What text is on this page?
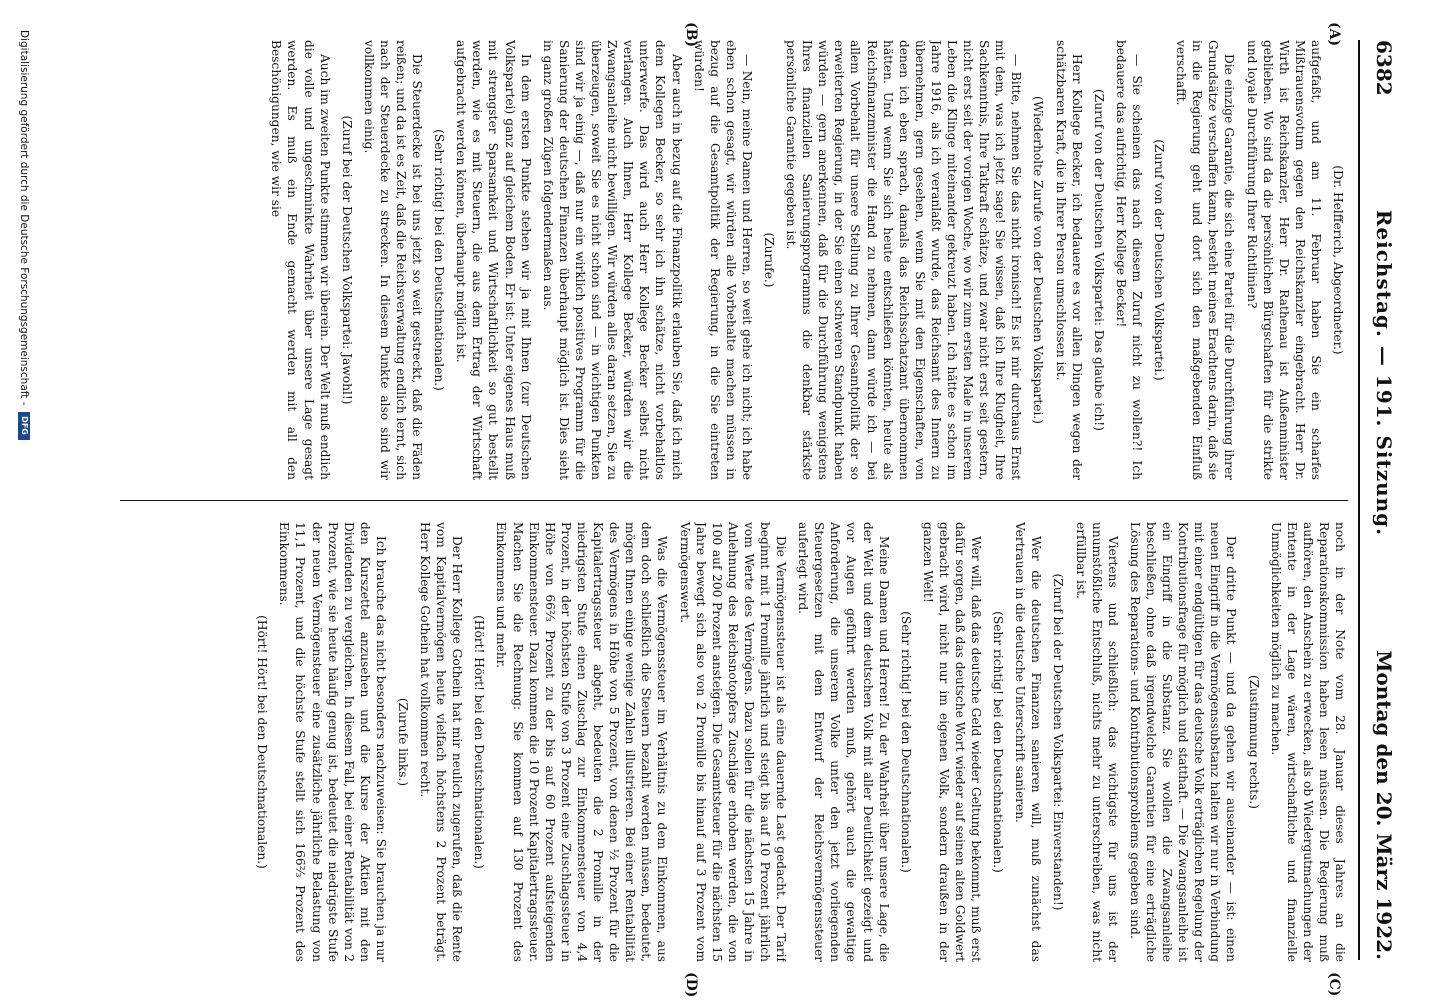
6382
Reichstag. — 191. Sitzung.
Montag den 20. März 1922.
(A)
(B)
(C)
(D)

(Dr. Helfferich, Abgeordneter.)

aufgefaßt, und am 11. Februar haben Sie ein scharfes Mißtrauensvotum gegen den Reichskanzler eingebracht. Herr Dr. Wirth ist Reichskanzler, Herr Dr. Rathenau ist Außenminister geblieben. Wo sind da die persönlichen Bürgschaften für die strikte und loyale Durchführung Ihrer Richtlinien?

Die einzige Garantie, die sich eine Partei für die Durchführung ihrer Grundsätze verschaffen kann, besteht meines Erachtens darin, daß sie in die Regierung geht und dort sich den maßgebenden Einfluß verschafft.

(Zuruf von der Deutschen Volkspartei.)

— Sie scheinen das nach diesem Zuruf nicht zu wollen?! Ich bedauere das aufrichtig, Herr Kollege Becker!

(Zuruf von der Deutschen Volkspartei: Das glaube ich!)

Herr Kollege Becker, ich bedauere es vor allen Dingen wegen der schätzbaren Kraft, die in Ihrer Person umschlossen ist.

(Wiederholte Zurufe von der Deutschen Volkspartei.)

— Bitte, nehmen Sie das nicht ironisch! Es ist mir durchaus Ernst mit dem, was ich jetzt sage! Sie wissen, daß ich Ihre Klugheit, Ihre Sachkenntnis, Ihre Tatkraft schätze, und zwar nicht erst seit gestern, nicht erst seit der vorigen Woche, wo wir zum ersten Male in unserem Leben die Klinge miteinander gekreuzt haben. Ich hätte es schon im Jahre 1916, als ich veranlaßt wurde, das Reichsamt des Innern zu übernehmen, gern gesehen, wenn Sie mit den Eigenschaften, von denen ich eben sprach, damals das Reichsschatzamt übernommen hätten. Und wenn Sie sich heute entschließen könnten, heute als Reichsfinanzminister die Hand zu nehmen, dann würde ich — bei allem Vorbehalt für unsere Stellung zu Ihrer Gesamtpolitik der so erweiterten Regierung, in der Sie einen schweren Standpunkt haben würden — gern anerkennen, daß für die Durchführung wenigstens Ihres finanziellen Sanierungsprogramms die denkbar stärkste persönliche Garantie gegeben ist.

(Zurufe.)

— Nein, meine Damen und Herren, so weit gehe ich nicht; ich habe eben schon gesagt, wir würden alle Vorbehalte machen müssen in bezug auf die Gesamtpolitik der Regierung, in die Sie eintreten würden!

Aber auch in bezug auf die Finanzpolitik erlauben Sie, daß ich mich dem Kollegen Becker, so sehr ich ihn schätze, nicht vorbehaltlos unterwerfe. Das wird auch Herr Kollege Becker selbst nicht verlangen. Auch Ihnen, Herr Kollege Becker, würden wir die Zwangsanleihe nicht bewilligen. Wir würden alles daran setzen, Sie zu überzeugen, soweit Sie es nicht schon sind — in wichtigen Punkten sind wir ja einig —, daß nur ein wirklich positives Programm für die Sanierung der deutschen Finanzen überhaupt möglich ist. Dies sieht in ganz großen Zügen folgendermaßen aus.

In dem ersten Punkte stehen wir ja mit Ihnen (zur Deutschen Volkspartei) ganz auf gleichem Boden. Er ist: Unter eigenes Haus muß mit strengster Sparsamkeit und Wirtschaftlichkeit so gut bestellt werden, wie es mit Steuern, die aus dem Ertrag der Wirtschaft aufgebracht werden können, überhaupt möglich ist.

(Sehr richtig! bei den Deutschnationalen.)

Die Steuerdecke ist bei uns jetzt so weit gestreckt, daß die Fäden reißen; und da ist es Zeit, daß die Reichsverwaltung endlich lernt, sich nach der Steuerdecke zu strecken. In diesem Punkte also sind wir vollkommen einig.

(Zuruf bei der Deutschen Volkspartei: Jawohl!)

Auch im zweiten Punkte stimmen wir überein. Der Welt muß endlich die volle und ungeschminkte Wahrheit über unsere Lage gesagt werden. Es muß ein Ende gemacht werden mit all den Beschönigungen, wie wir sie

noch in der Note vom 28. Januar dieses Jahres an die Reparationskommission haben lesen müssen. Die Regierung muß aufhören, den Anschein zu erwecken, als ob Wiedergutmachungen der Entente in der Lage wären, wirtschaftliche und finanzielle Unmöglichkeiten möglich zu machen.

(Zustimmung rechts.)

Der dritte Punkt — und da gehen wir auseinander — ist: einen neuen Eingriff in die Vermögenssubstanz halten wir nur in Verbindung mit einer endgültigen für das deutsche Volk erträglichen Regelung der Kontributionsfrage für möglich und statthaft. — Die Zwangsanleihe ist ein Eingriff in die Substanz. Sie wollen die Zwangsanleihe beschließen, ohne daß irgendwelche Garantien für eine erträgliche Lösung des Reparations- und Kontributionsproblems gegeben sind.

Viertens und schließlich: das wichtigste für uns ist der unumstößliche Entschluß, nichts mehr zu unterschreiben, was nicht erfüllbar ist.

(Zuruf bei der Deutschen Volkspartei: Einverstanden!)

Wer die deutschen Finanzen sanieren will, muß zunächst das Vertrauen in die deutsche Unterschrift sanieren.

(Sehr richtig! bei den Deutschnationalen.)

Wer will, daß das deutsche Geld wieder Geltung bekommt, muß erst dafür sorgen, daß das deutsche Wort wieder auf seinen alten Goldwert gebracht wird, nicht nur im eigenen Volk, sondern draußen in der ganzen Welt!

(Sehr richtig! bei den Deutschnationalen.)

Meine Damen und Herren! Zu der Wahrheit über unsere Lage, die der Welt und dem deutschen Volk mit aller Deutlichkeit gezeigt und vor Augen geführt werden muß, gehört auch die gewaltige Anforderung, die unserem Volke unter den jetzt vorliegenden Steuergesetzen mit dem Entwurf der Reichsvermögenssteuer auferlegt wird.

Die Vermögenssteuer ist als eine dauernde Last gedacht. Der Tarif beginnt mit 1 Promille jährlich und steigt bis auf 10 Prozent jährlich vom Werte des Vermögens. Dazu sollen für die nächsten 15 Jahre in Anlehnung des Reichsnotopfers Zuschläge erhoben werden, die von 100 auf 200 Prozent ansteigen. Die Gesamtsteuer für die nächsten 15 Jahre bewegt sich also von 2 Promille bis hinauf auf 3 Prozent vom Vermögenswert.

Was die Vermögenssteuer im Verhältnis zu dem Einkommen, aus dem doch schließlich die Steuern bezahlt werden müssen, bedeutet, mögen Ihnen einige wenige Zahlen illustrieren. Bei einer Rentabilität des Vermögens in Höhe von 5 Prozent, von denen ½ Prozent für die Kapitalertragssteuer abgeht, bedeuten die 2 Promille in der niedrigsten Stufe einen Zuschlag zur Einkommensteuer von 4,4 Prozent, in der höchsten Stufe von 3 Prozent eine Zuschlagssteuer in Höhe von 66⅔ Prozent zu der bis auf 60 Prozent aufsteigenden Einkommensteuer. Dazu kommen die 10 Prozent Kapitalertragssteuer. Machen Sie die Rechnung: Sie kommen auf 130 Prozent des Einkommens und mehr.

(Hört! Hört! bei den Deutschnationalen.)

Der Herr Kollege Gothein hat mir neulich zugerufen, daß die Rente vom Kapitalvermögen heute vielfach höchstens 2 Prozent beträgt. Herr Kollege Gothein hat vollkommen recht.

(Zurufe links.)

Ich brauche das nicht besonders nachzuweisen: Sie brauchen ja nur den Kurszettel anzusehen und die Kurse der Aktien mit den Dividenden zu vergleichen. In diesem Fall, bei einer Rentabilität von 2 Prozent, wie sie heute häufig genug ist, bedeutet die niedrigste Stufe der neuen Vermögensteuer eine zusätzliche jährliche Belastung von 11,1 Prozent, und die höchste Stufe stellt sich 166⅔ Prozent des Einkommens.

(Hört! Hört! bei den Deutschnationalen.)

Digitalisierung gefördert durch die Deutsche Forschungsgemeinschaft -
DFG
